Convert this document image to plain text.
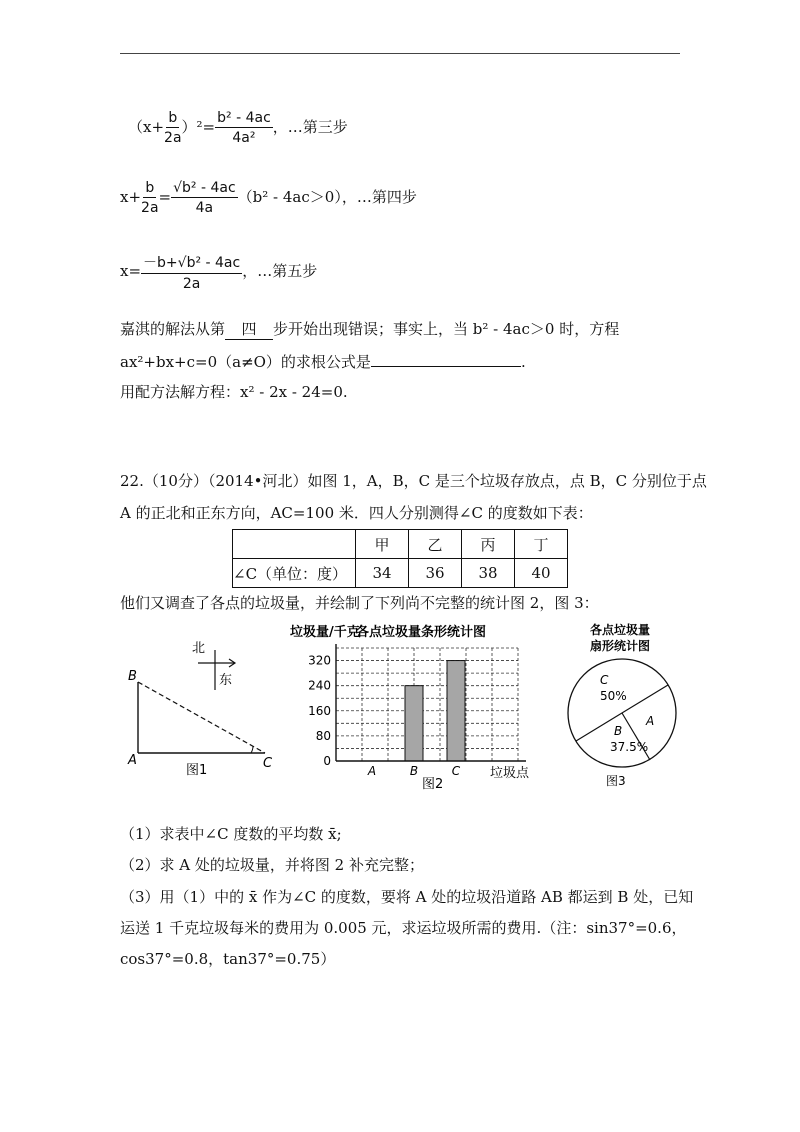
$(x+ \frac{b}{2a} )^2= \frac{\text{b² - 4ac}}{\text{4a²}}$ ，…第三步
$x+ \frac{b}{2a} = \frac{\text{√b² - 4ac}}{4a} (b^2 - 4ac>0)$，…第四步
$x= \frac{\text{－b+√b² - 4ac}}{2a}$ ，…第五步
嘉淇的解法从第 四 步开始出现错误；事实上，当 b² - 4ac＞0 时，方程
ax²+bx+c=0（a≠O）的求根公式是	.
用配方法解方程：x² - 2x - 24=0.
22.（10分）（2014•河北）如图 1，A，B，C 是三个垃圾存放点，点 B，C 分别位于点
A 的正北和正东方向，AC=100 米．四人分别测得∠C 的度数如下表：
	甲	乙	丙	丁
∠C（单位：度）	34	36	38	40
他们又调查了各点的垃圾量，并绘制了下列尚不完整的统计图 2，图 3：
北
东
B
A	C
图1
垃圾量/千克
各点垃圾量条形统计图
0
80
160
240
320
A	B	C 垃圾点
图2
各点垃圾量
扇形统计图
C
50%
A
B
37.5%
图3
（1）求表中∠C 度数的平均数 x̄;
（2）求 A 处的垃圾量，并将图 2 补充完整；
（3）用（1）中的 x̄ 作为∠C 的度数，要将 A 处的垃圾沿道路 AB 都运到 B 处，已知
运送 1 千克垃圾每米的费用为 0.005 元，求运垃圾所需的费用.（注：sin37°=0.6，
cos37°=0.8，tan37°=0.75）
